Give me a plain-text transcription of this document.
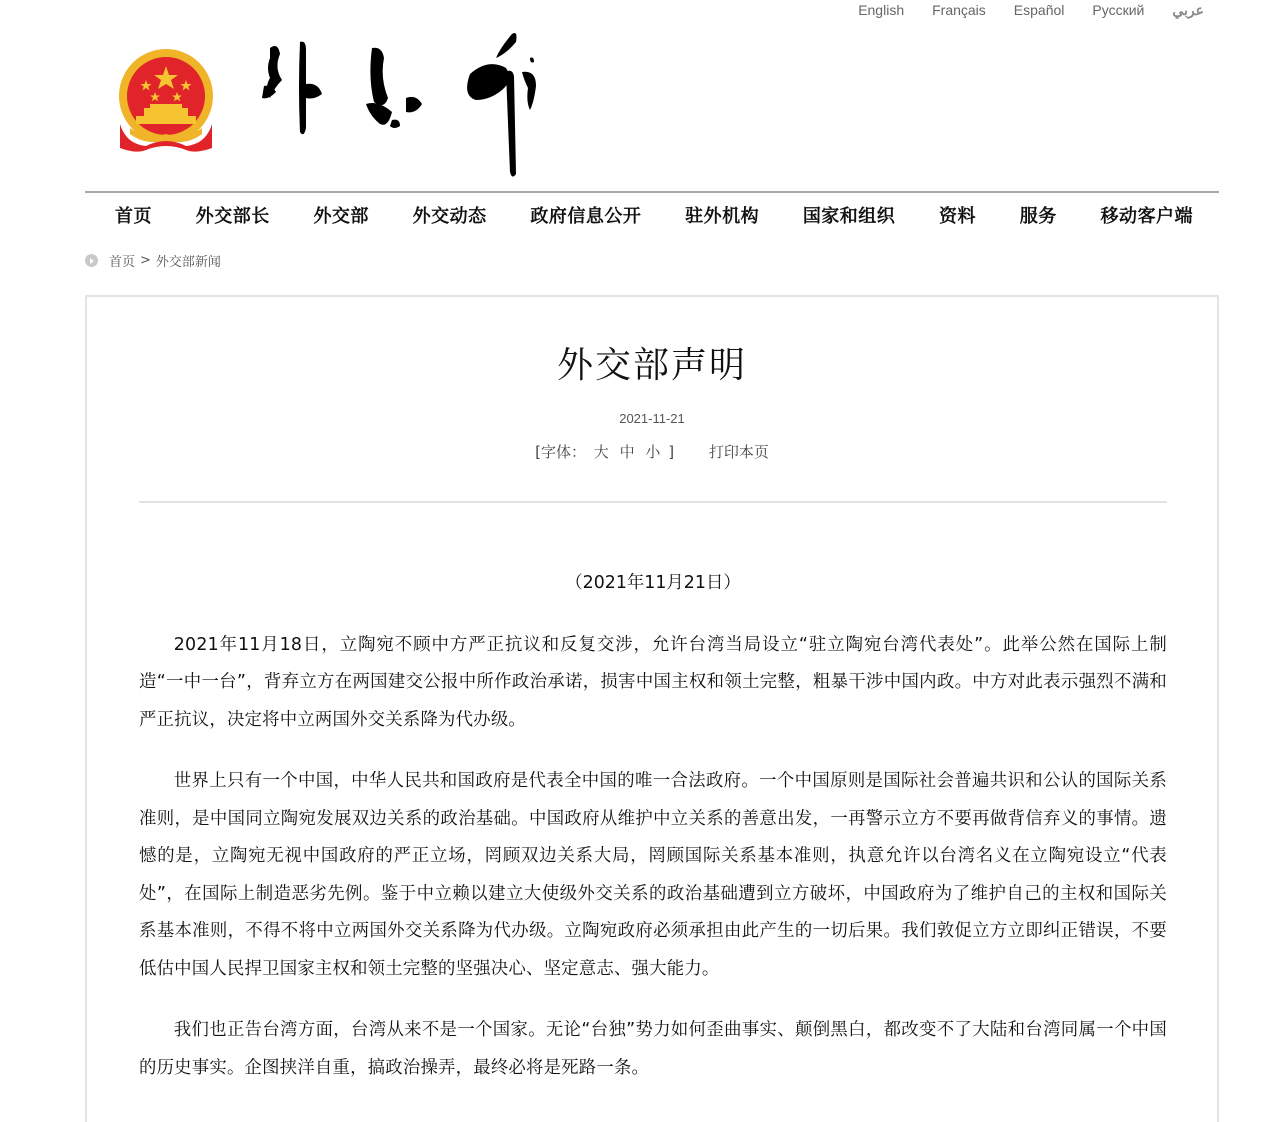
English	Français	Español	Русский	عربي
首页 外交部长 外交部 外交动态 政府信息公开 驻外机构 国家和组织 资料 服务 移动客户端
首页 > 外交部新闻
外交部声明
2021-11-21
[字体： 大 中 小 ] 打印本页

（2021年11月21日）

2021年11月18日，立陶宛不顾中方严正抗议和反复交涉，允许台湾当局设立“驻立陶宛台湾代表处”。此举公然在国际上制造“一中一台”，背弃立方在两国建交公报中所作政治承诺，损害中国主权和领土完整，粗暴干涉中国内政。中方对此表示强烈不满和严正抗议，决定将中立两国外交关系降为代办级。

世界上只有一个中国，中华人民共和国政府是代表全中国的唯一合法政府。一个中国原则是国际社会普遍共识和公认的国际关系准则，是中国同立陶宛发展双边关系的政治基础。中国政府从维护中立关系的善意出发，一再警示立方不要再做背信弃义的事情。遗憾的是，立陶宛无视中国政府的严正立场，罔顾双边关系大局，罔顾国际关系基本准则，执意允许以台湾名义在立陶宛设立“代表处”，在国际上制造恶劣先例。鉴于中立赖以建立大使级外交关系的政治基础遭到立方破坏，中国政府为了维护自己的主权和国际关系基本准则，不得不将中立两国外交关系降为代办级。立陶宛政府必须承担由此产生的一切后果。我们敦促立方立即纠正错误，不要低估中国人民捍卫国家主权和领土完整的坚强决心、坚定意志、强大能力。

我们也正告台湾方面，台湾从来不是一个国家。无论“台独”势力如何歪曲事实、颠倒黑白，都改变不了大陆和台湾同属一个中国的历史事实。企图挟洋自重，搞政治操弄，最终必将是死路一条。
